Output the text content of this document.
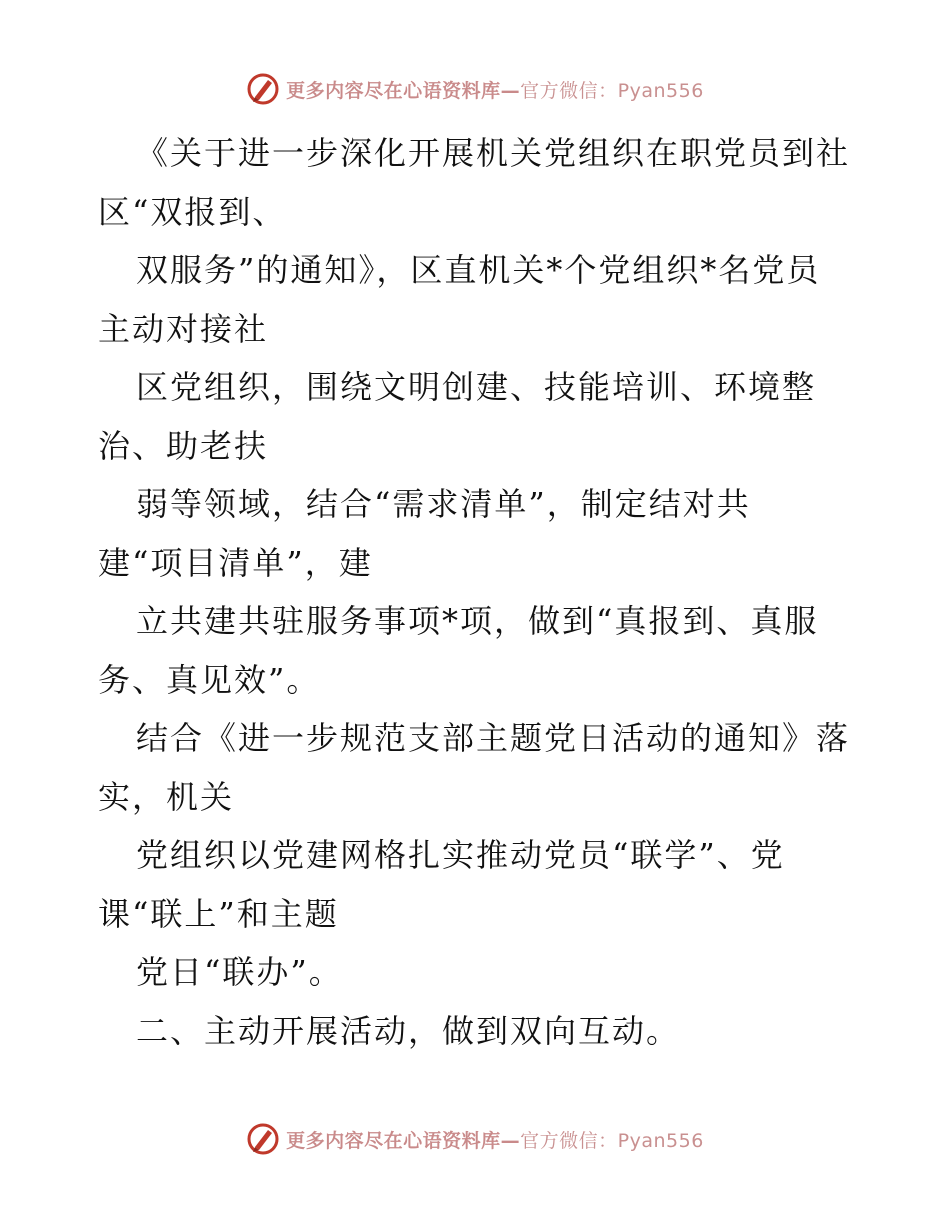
更多内容尽在心语资料库—官方微信：Pyan556
《关于进一步深化开展机关党组织在职党员到社
区“双报到、
双服务”的通知》，区直机关*个党组织*名党员
主动对接社
区党组织，围绕文明创建、技能培训、环境整
治、助老扶
弱等领域，结合“需求清单”，制定结对共
建“项目清单”，建
立共建共驻服务事项*项，做到“真报到、真服
务、真见效”。
结合《进一步规范支部主题党日活动的通知》落
实，机关
党组织以党建网格扎实推动党员“联学”、党
课“联上”和主题
党日“联办”。
二、主动开展活动，做到双向互动。
更多内容尽在心语资料库—官方微信：Pyan556
